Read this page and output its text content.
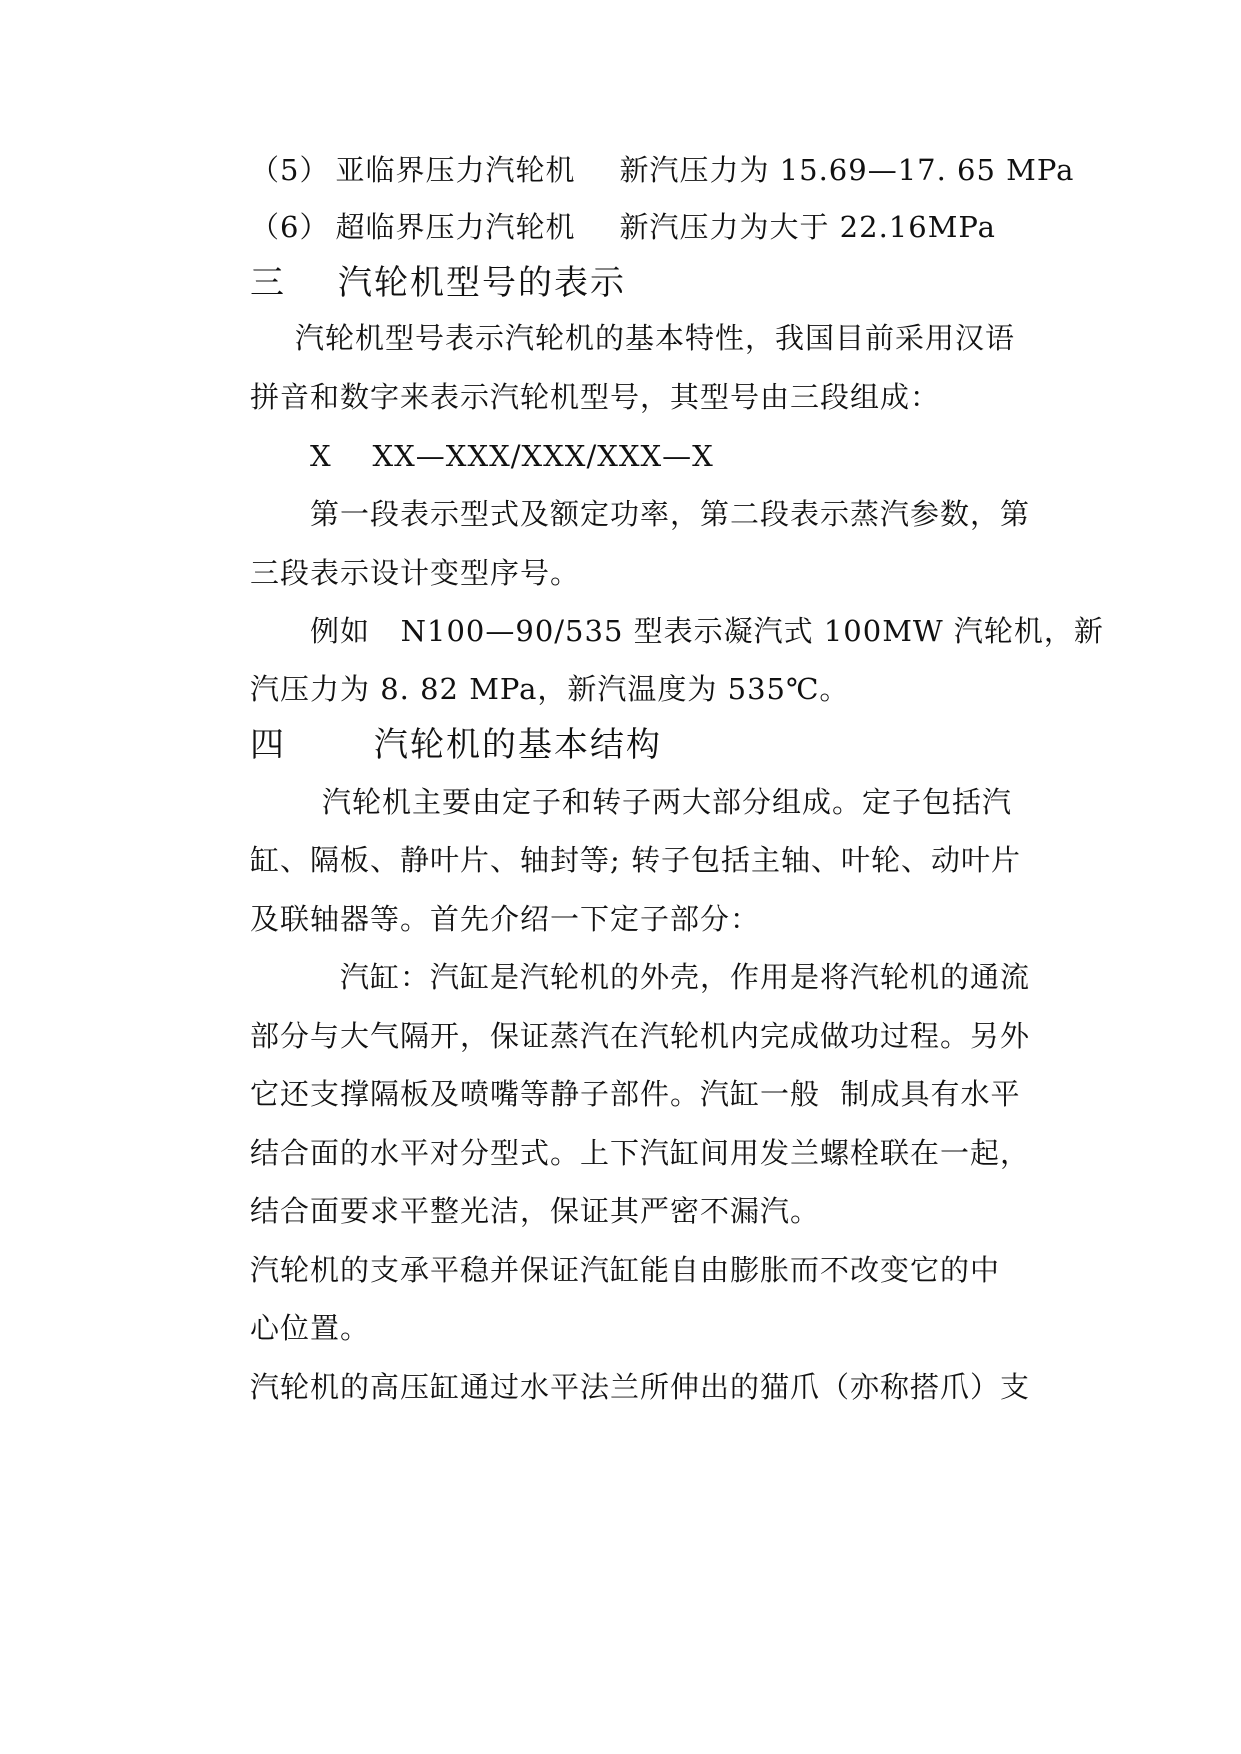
（5） 亚临界压力汽轮机 新汽压力为 15.69—17. 65 MPa
（6） 超临界压力汽轮机 新汽压力为大于 22.16MPa
三 汽轮机型号的表示
汽轮机型号表示汽轮机的基本特性，我国目前采用汉语
拼音和数字来表示汽轮机型号，其型号由三段组成：
X    XX—XXX/XXX/XXX—X
第一段表示型式及额定功率，第二段表示蒸汽参数，第
三段表示设计变型序号。
例如   N100—90/535 型表示凝汽式 100MW 汽轮机，新
汽压力为 8. 82 MPa，新汽温度为 535℃。
四	汽轮机的基本结构
汽轮机主要由定子和转子两大部分组成。定子包括汽
缸、隔板、静叶片、轴封等; 转子包括主轴、叶轮、动叶片
及联轴器等。首先介绍一下定子部分：
汽缸：汽缸是汽轮机的外壳，作用是将汽轮机的通流
部分与大气隔开，保证蒸汽在汽轮机内完成做功过程。另外
它还支撑隔板及喷嘴等静子部件。汽缸一般  制成具有水平
结合面的水平对分型式。上下汽缸间用发兰螺栓联在一起，
结合面要求平整光洁，保证其严密不漏汽。
汽轮机的支承平稳并保证汽缸能自由膨胀而不改变它的中
心位置。
汽轮机的高压缸通过水平法兰所伸出的猫爪（亦称搭爪）支
